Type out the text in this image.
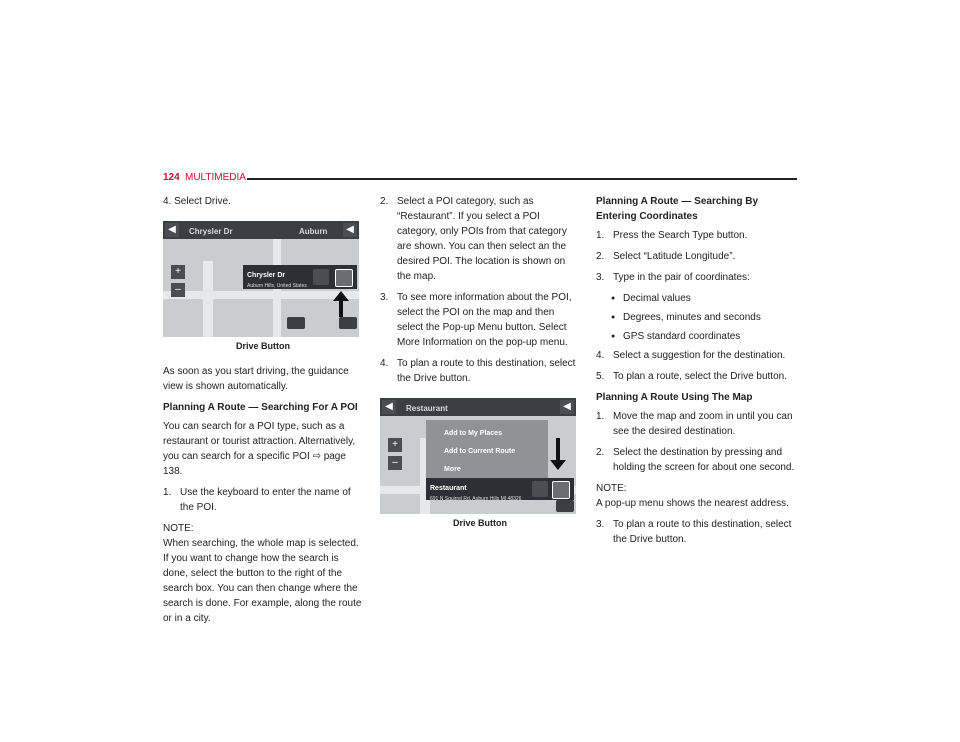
124 MULTIMEDIA

4. Select Drive.

◀	Chrysler Dr	Auburn	◀
+
–
Chrysler Dr
Auburn Hills, United States

Drive Button

As soon as you start driving, the guidance view is shown automatically.

Planning A Route — Searching For A POI

You can search for a POI type, such as a restaurant or tourist attraction. Alternatively, you can search for a specific POI ⇨ page 138.

1. Use the keyboard to enter the name of the POI.

NOTE:

When searching, the whole map is selected. If you want to change how the search is done, select the button to the right of the search box. You can then change where the search is done. For example, along the route or in a city.

2. Select a POI category, such as “Restaurant”. If you select a POI category, only POIs from that category are shown. You can then select an the desired POI. The location is shown on the map.
3. To see more information about the POI, select the POI on the map and then select the Pop-up Menu button. Select More Information on the pop-up menu.
4. To plan a route to this destination, select the Drive button.
◀	Restaurant	◀
+
–
Add to My Places
Add to Current Route
More
Restaurant
691 N Squirrel Rd, Auburn Hills MI 48326

Drive Button

Planning A Route — Searching By Entering Coordinates

1. Press the Search Type button.
2. Select “Latitude Longitude”.
3. Type in the pair of coordinates:

● Decimal values

● Degrees, minutes and seconds

● GPS standard coordinates

4. Select a suggestion for the destination.
5. To plan a route, select the Drive button.

Planning A Route Using The Map

1. Move the map and zoom in until you can see the desired destination.
2. Select the destination by pressing and holding the screen for about one second.

NOTE:

A pop-up menu shows the nearest address.

3. To plan a route to this destination, select the Drive button.
